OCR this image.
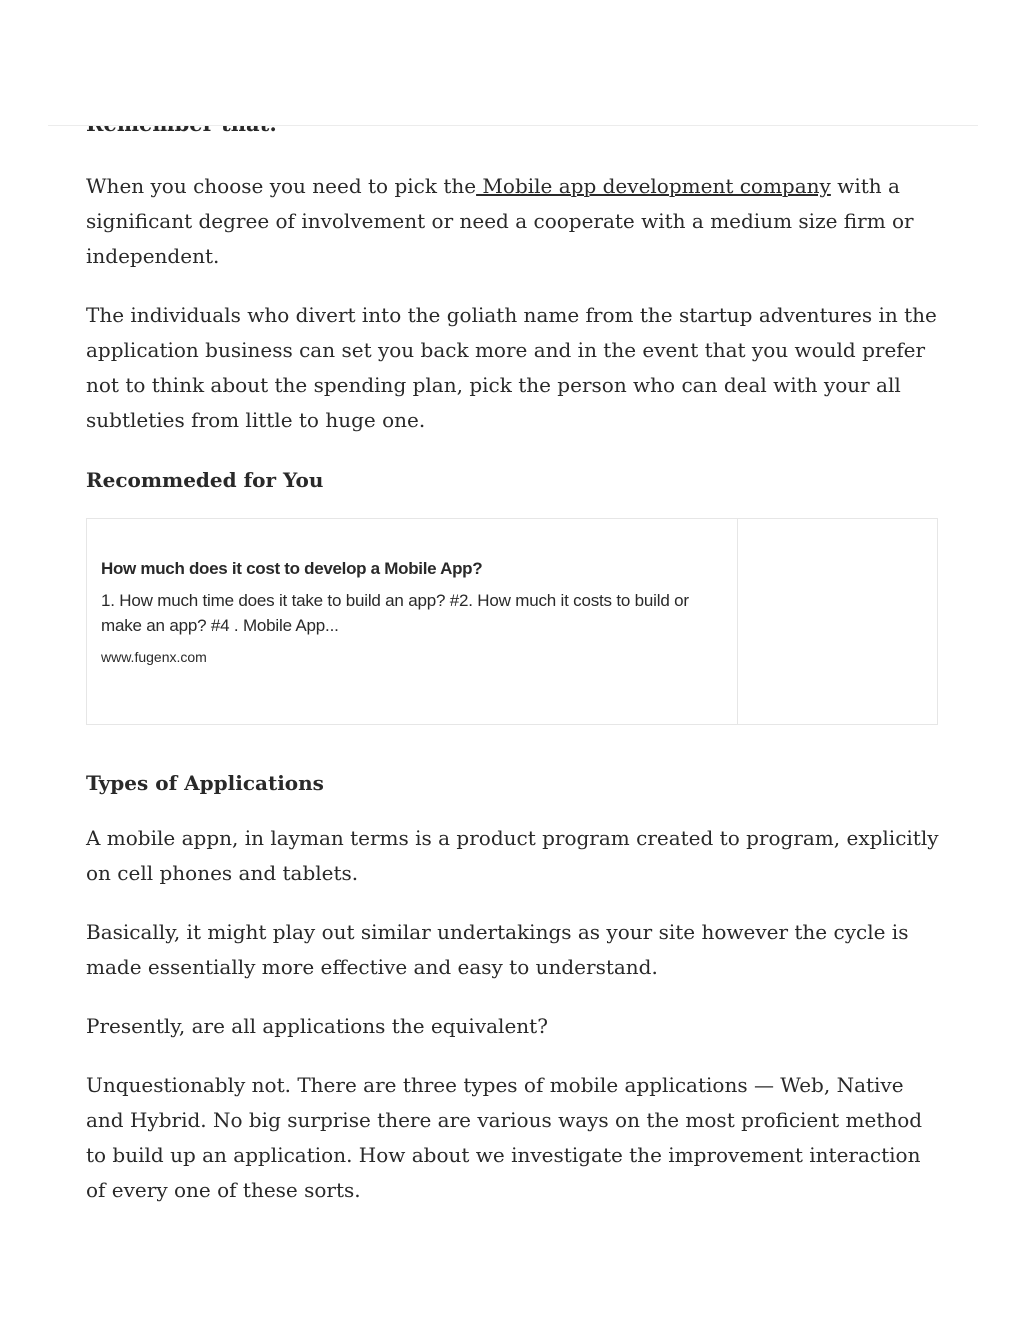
When you choose you need to pick the Mobile app development company with a significant degree of involvement or need a cooperate with a medium size firm or independent.

The individuals who divert into the goliath name from the startup adventures in the application business can set you back more and in the event that you would prefer not to think about the spending plan, pick the person who can deal with your all subtleties from little to huge one.

Recommeded for You

How much does it cost to develop a Mobile App?

1. How much time does it take to build an app? #2. How much it costs to build or make an app? #4 . Mobile App...

www.fugenx.com

Types of Applications

A mobile appn, in layman terms is a product program created to program, explicitly on cell phones and tablets.

Basically, it might play out similar undertakings as your site however the cycle is made essentially more effective and easy to understand.

Presently, are all applications the equivalent?

Unquestionably not. There are three types of mobile applications — Web, Native and Hybrid. No big surprise there are various ways on the most proficient method to build up an application. How about we investigate the improvement interaction of every one of these sorts.
